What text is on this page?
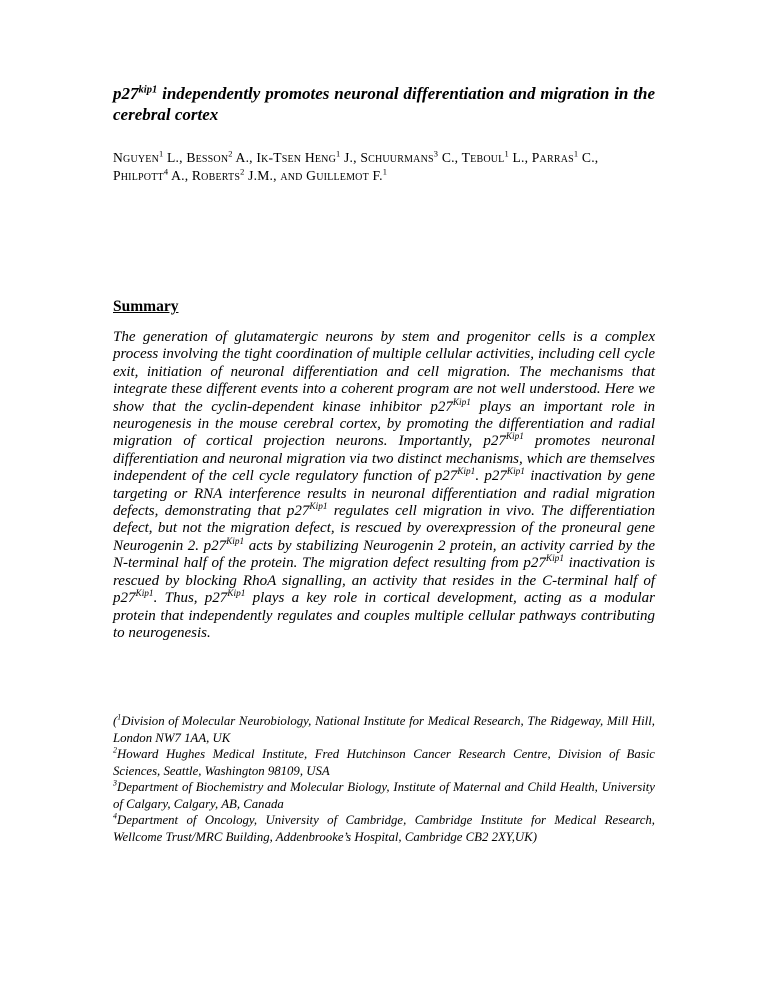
$p27^{kip1}$ independently promotes neuronal differentiation and migration in the cerebral cortex

Nguyen$^1$ L., Besson$^2$ A., Ik-Tsen Heng$^1$ J., Schuurmans$^3$ C., Teboul$^1$ L., Parras$^1$ C., Philpott$^4$ A., Roberts$^2$ J.M., and Guillemot F.$^1$

Summary

The generation of glutamatergic neurons by stem and progenitor cells is a complex process involving the tight coordination of multiple cellular activities, including cell cycle exit, initiation of neuronal differentiation and cell migration. The mechanisms that integrate these different events into a coherent program are not well understood. Here we show that the cyclin-dependent kinase inhibitor $p27^{Kip1}$ plays an important role in neurogenesis in the mouse cerebral cortex, by promoting the differentiation and radial migration of cortical projection neurons. Importantly, $p27^{Kip1}$ promotes neuronal differentiation and neuronal migration via two distinct mechanisms, which are themselves independent of the cell cycle regulatory function of $p27^{Kip1}$. $p27^{Kip1}$ inactivation by gene targeting or RNA interference results in neuronal differentiation and radial migration defects, demonstrating that $p27^{Kip1}$ regulates cell migration in vivo. The differentiation defect, but not the migration defect, is rescued by overexpression of the proneural gene Neurogenin 2. $p27^{Kip1}$ acts by stabilizing Neurogenin 2 protein, an activity carried by the N-terminal half of the protein. The migration defect resulting from $p27^{Kip1}$ inactivation is rescued by blocking RhoA signalling, an activity that resides in the C-terminal half of $p27^{Kip1}$. Thus, $p27^{Kip1}$ plays a key role in cortical development, acting as a modular protein that independently regulates and couples multiple cellular pathways contributing to neurogenesis.

($^1$Division of Molecular Neurobiology, National Institute for Medical Research, The Ridgeway, Mill Hill, London NW7 1AA, UK

$^2$Howard Hughes Medical Institute, Fred Hutchinson Cancer Research Centre, Division of Basic Sciences, Seattle, Washington 98109, USA

$^3$Department of Biochemistry and Molecular Biology, Institute of Maternal and Child Health, University of Calgary, Calgary, AB, Canada

$^4$Department of Oncology, University of Cambridge, Cambridge Institute for Medical Research, Wellcome Trust/MRC Building, Addenbrooke’s Hospital, Cambridge CB2 2XY,UK)
